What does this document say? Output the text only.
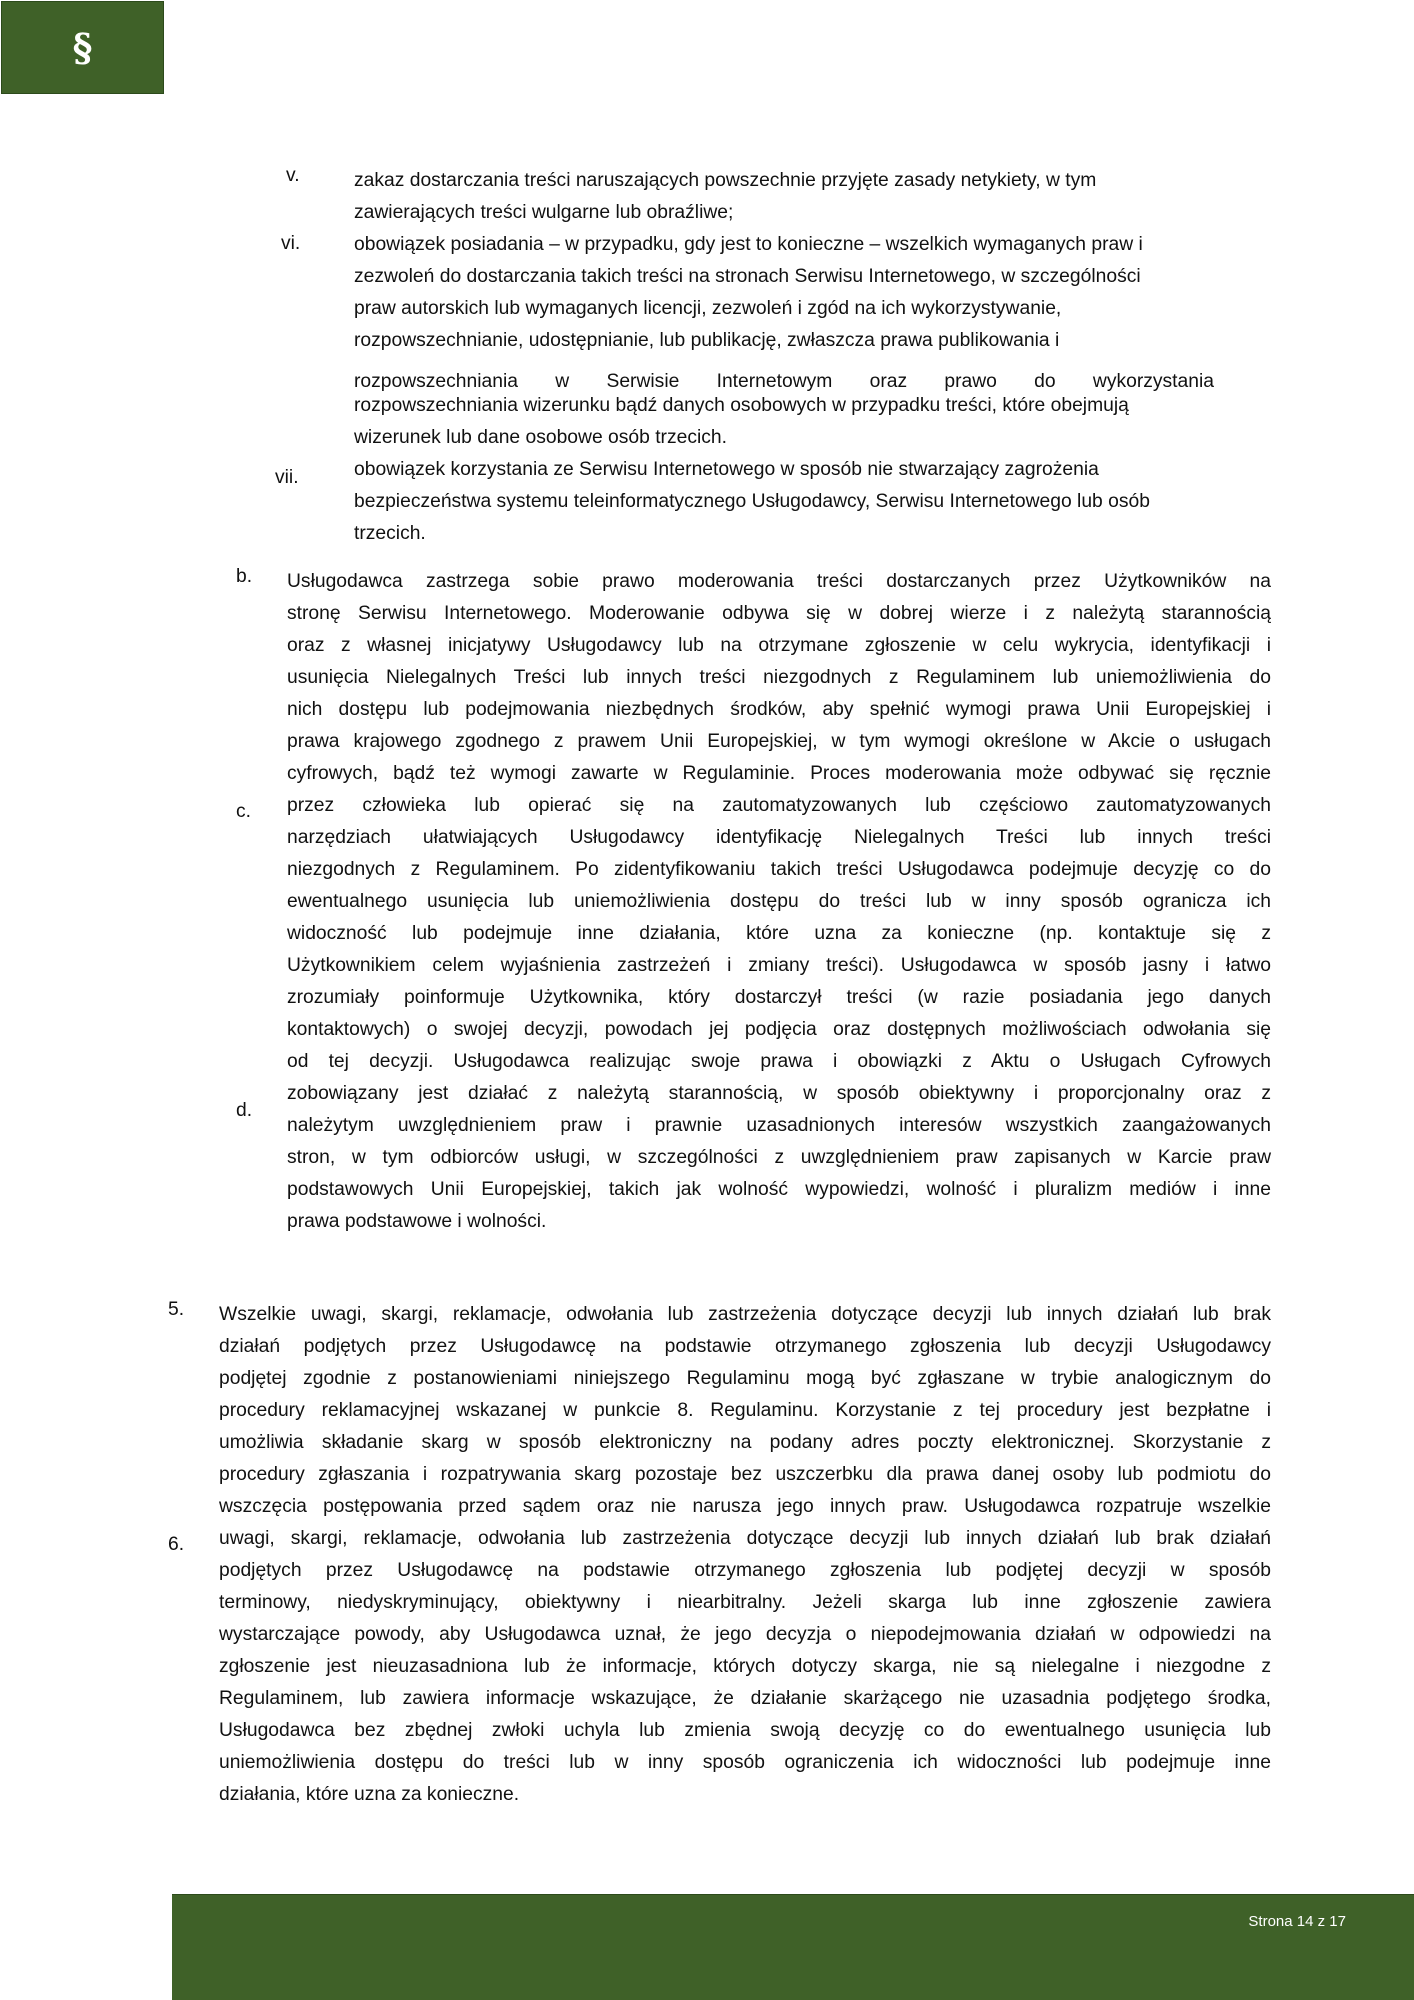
§
v.
vi.
vii.
b.
c.
d.
5.
6.
zakaz dostarczania treści naruszających powszechnie przyjęte zasady netykiety, w tym
zawierających treści wulgarne lub obraźliwe;
obowiązek posiadania – w przypadku, gdy jest to konieczne – wszelkich wymaganych praw i
zezwoleń do dostarczania takich treści na stronach Serwisu Internetowego, w szczególności
praw autorskich lub wymaganych licencji, zezwoleń i zgód na ich wykorzystywanie,
rozpowszechnianie, udostępnianie, lub publikację, zwłaszcza prawa publikowania i
rozpowszechniania w Serwisie Internetowym oraz prawo do wykorzystania
rozpowszechniania wizerunku bądź danych osobowych w przypadku treści, które obejmują
wizerunek lub dane osobowe osób trzecich.
obowiązek korzystania ze Serwisu Internetowego w sposób nie stwarzający zagrożenia
bezpieczeństwa systemu teleinformatycznego Usługodawcy, Serwisu Internetowego lub osób
trzecich.
Usługodawca zastrzega sobie prawo moderowania treści dostarczanych przez Użytkowników na
stronę Serwisu Internetowego. Moderowanie odbywa się w dobrej wierze i z należytą starannością
oraz z własnej inicjatywy Usługodawcy lub na otrzymane zgłoszenie w celu wykrycia, identyfikacji i
usunięcia Nielegalnych Treści lub innych treści niezgodnych z Regulaminem lub uniemożliwienia do
nich dostępu lub podejmowania niezbędnych środków, aby spełnić wymogi prawa Unii Europejskiej i
prawa krajowego zgodnego z prawem Unii Europejskiej, w tym wymogi określone w Akcie o usługach
cyfrowych, bądź też wymogi zawarte w Regulaminie. Proces moderowania może odbywać się ręcznie
przez człowieka lub opierać się na zautomatyzowanych lub częściowo zautomatyzowanych
narzędziach ułatwiających Usługodawcy identyfikację Nielegalnych Treści lub innych treści
niezgodnych z Regulaminem. Po zidentyfikowaniu takich treści Usługodawca podejmuje decyzję co do
ewentualnego usunięcia lub uniemożliwienia dostępu do treści lub w inny sposób ogranicza ich
widoczność lub podejmuje inne działania, które uzna za konieczne (np. kontaktuje się z
Użytkownikiem celem wyjaśnienia zastrzeżeń i zmiany treści). Usługodawca w sposób jasny i łatwo
zrozumiały poinformuje Użytkownika, który dostarczył treści (w razie posiadania jego danych
kontaktowych) o swojej decyzji, powodach jej podjęcia oraz dostępnych możliwościach odwołania się
od tej decyzji. Usługodawca realizując swoje prawa i obowiązki z Aktu o Usługach Cyfrowych
zobowiązany jest działać z należytą starannością, w sposób obiektywny i proporcjonalny oraz z
należytym uwzględnieniem praw i prawnie uzasadnionych interesów wszystkich zaangażowanych
stron, w tym odbiorców usługi, w szczególności z uwzględnieniem praw zapisanych w Karcie praw
podstawowych Unii Europejskiej, takich jak wolność wypowiedzi, wolność i pluralizm mediów i inne
prawa podstawowe i wolności.
Wszelkie uwagi, skargi, reklamacje, odwołania lub zastrzeżenia dotyczące decyzji lub innych działań lub brak
działań podjętych przez Usługodawcę na podstawie otrzymanego zgłoszenia lub decyzji Usługodawcy
podjętej zgodnie z postanowieniami niniejszego Regulaminu mogą być zgłaszane w trybie analogicznym do
procedury reklamacyjnej wskazanej w punkcie 8. Regulaminu. Korzystanie z tej procedury jest bezpłatne i
umożliwia składanie skarg w sposób elektroniczny na podany adres poczty elektronicznej. Skorzystanie z
procedury zgłaszania i rozpatrywania skarg pozostaje bez uszczerbku dla prawa danej osoby lub podmiotu do
wszczęcia postępowania przed sądem oraz nie narusza jego innych praw. Usługodawca rozpatruje wszelkie
uwagi, skargi, reklamacje, odwołania lub zastrzeżenia dotyczące decyzji lub innych działań lub brak działań
podjętych przez Usługodawcę na podstawie otrzymanego zgłoszenia lub podjętej decyzji w sposób
terminowy, niedyskryminujący, obiektywny i niearbitralny. Jeżeli skarga lub inne zgłoszenie zawiera
wystarczające powody, aby Usługodawca uznał, że jego decyzja o niepodejmowania działań w odpowiedzi na
zgłoszenie jest nieuzasadniona lub że informacje, których dotyczy skarga, nie są nielegalne i niezgodne z
Regulaminem, lub zawiera informacje wskazujące, że działanie skarżącego nie uzasadnia podjętego środka,
Usługodawca bez zbędnej zwłoki uchyla lub zmienia swoją decyzję co do ewentualnego usunięcia lub
uniemożliwienia dostępu do treści lub w inny sposób ograniczenia ich widoczności lub podejmuje inne
działania, które uzna za konieczne.
Strona 14 z 17
